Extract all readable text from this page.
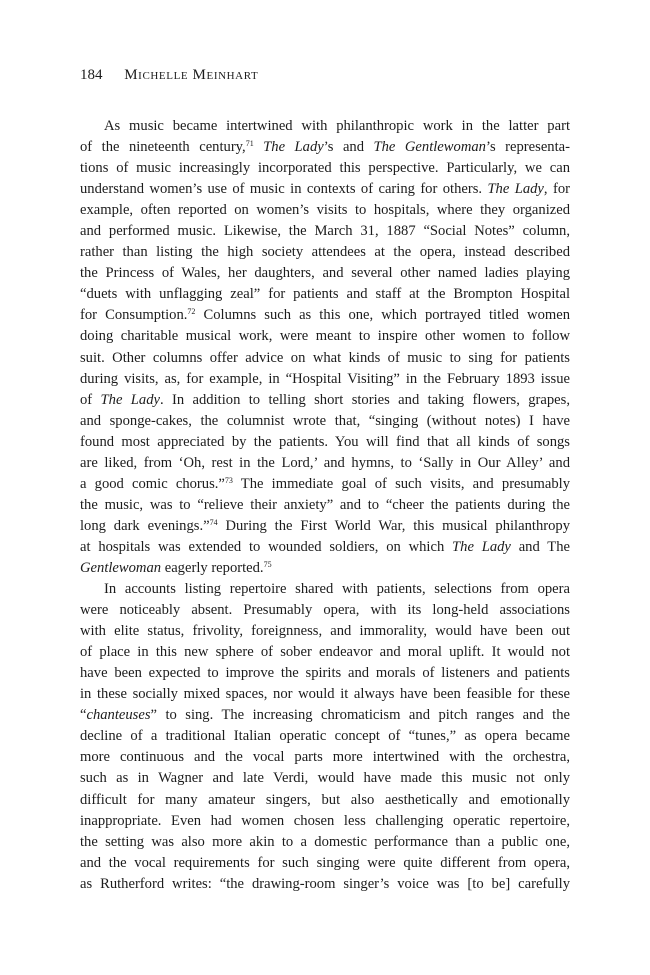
184 Michelle Meinhart
As music became intertwined with philanthropic work in the latter part
of the nineteenth century,$^{71}$ The Lady’s and The Gentlewoman’s representa-
tions of music increasingly incorporated this perspective. Particularly, we can
understand women’s use of music in contexts of caring for others. The Lady, for
example, often reported on women’s visits to hospitals, where they organized
and performed music. Likewise, the March 31, 1887 “Social Notes” column,
rather than listing the high society attendees at the opera, instead described
the Princess of Wales, her daughters, and several other named ladies playing
“duets with unflagging zeal” for patients and staff at the Brompton Hospital
for Consumption.$^{72}$ Columns such as this one, which portrayed titled women
doing charitable musical work, were meant to inspire other women to follow
suit. Other columns offer advice on what kinds of music to sing for patients
during visits, as, for example, in “Hospital Visiting” in the February 1893 issue
of The Lady. In addition to telling short stories and taking flowers, grapes,
and sponge-cakes, the columnist wrote that, “singing (without notes) I have
found most appreciated by the patients. You will find that all kinds of songs
are liked, from ‘Oh, rest in the Lord,’ and hymns, to ‘Sally in Our Alley’ and
a good comic chorus.”$^{73}$ The immediate goal of such visits, and presumably
the music, was to “relieve their anxiety” and to “cheer the patients during the
long dark evenings.”$^{74}$ During the First World War, this musical philanthropy
at hospitals was extended to wounded soldiers, on which The Lady and The
Gentlewoman eagerly reported.$^{75}$
In accounts listing repertoire shared with patients, selections from opera
were noticeably absent. Presumably opera, with its long-held associations
with elite status, frivolity, foreignness, and immorality, would have been out
of place in this new sphere of sober endeavor and moral uplift. It would not
have been expected to improve the spirits and morals of listeners and patients
in these socially mixed spaces, nor would it always have been feasible for these
“chanteuses” to sing. The increasing chromaticism and pitch ranges and the
decline of a traditional Italian operatic concept of “tunes,” as opera became
more continuous and the vocal parts more intertwined with the orchestra,
such as in Wagner and late Verdi, would have made this music not only
difficult for many amateur singers, but also aesthetically and emotionally
inappropriate. Even had women chosen less challenging operatic repertoire,
the setting was also more akin to a domestic performance than a public one,
and the vocal requirements for such singing were quite different from opera,
as Rutherford writes: “the drawing-room singer’s voice was [to be] carefully
